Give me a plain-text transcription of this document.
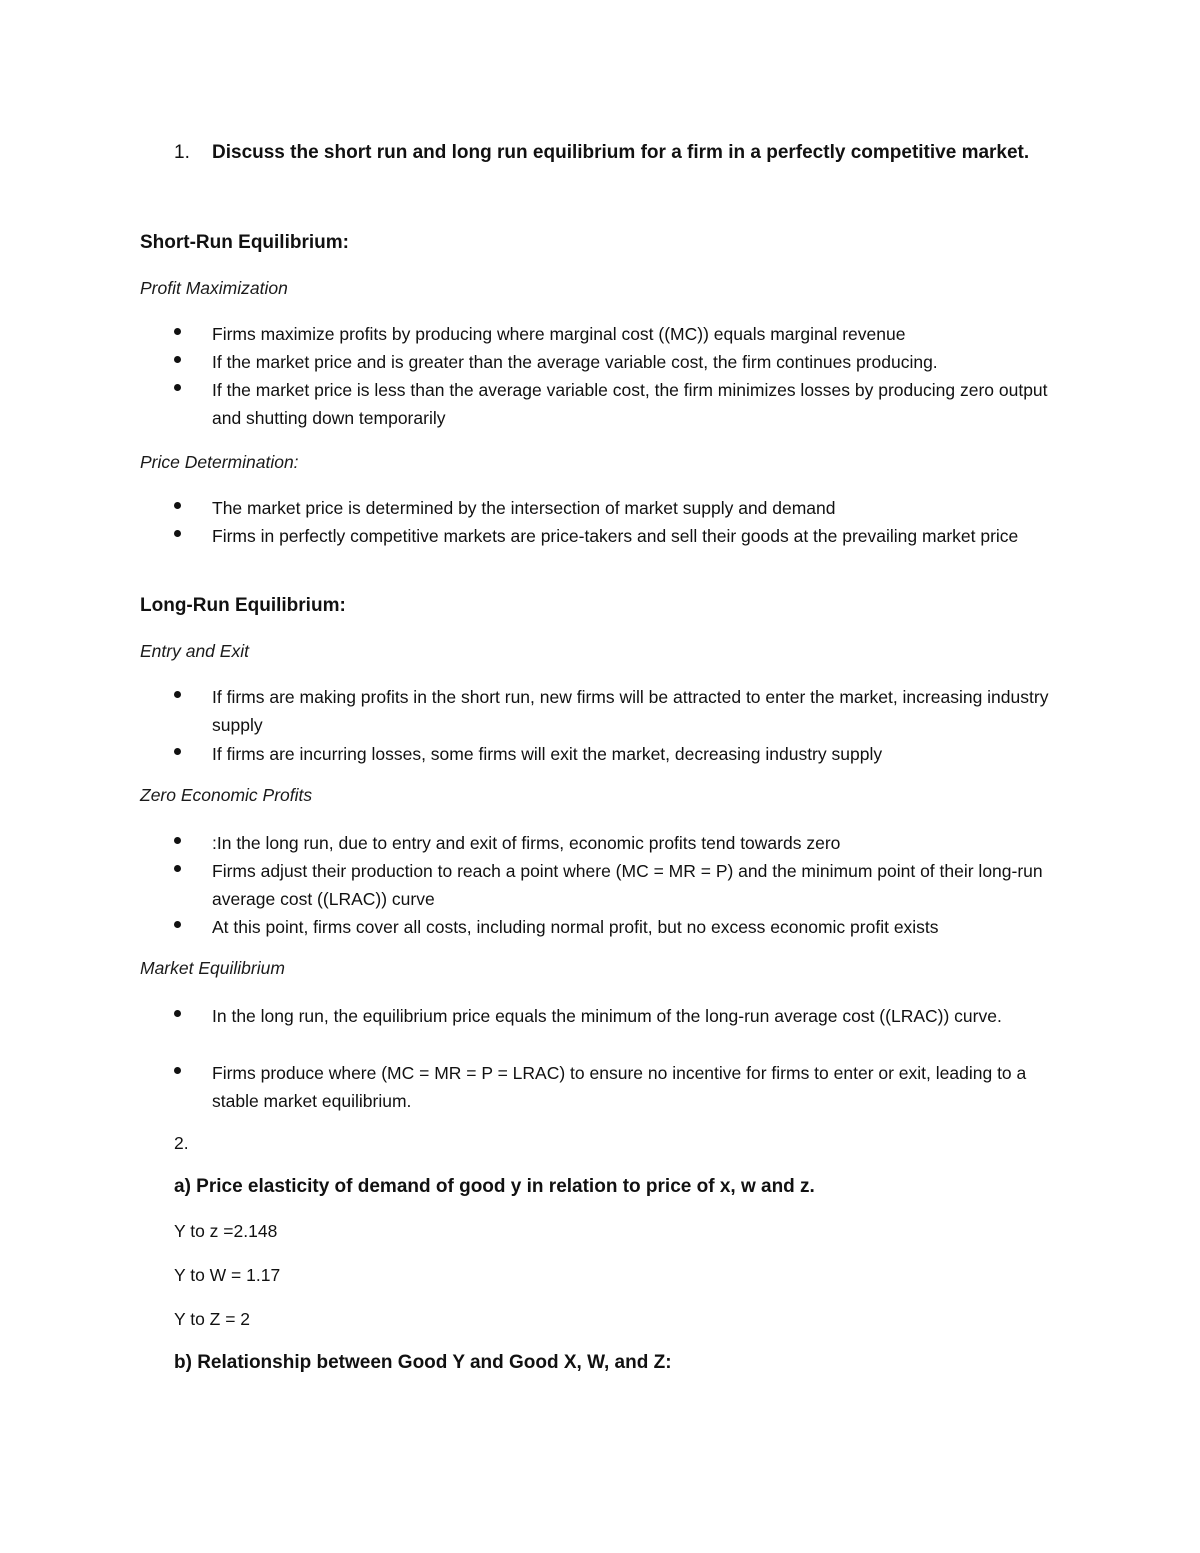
1. Discuss the short run and long run equilibrium for a firm in a perfectly competitive market.
Short-Run Equilibrium:
Profit Maximization
Firms maximize profits by producing where marginal cost ((MC)) equals marginal revenue
If the market price and is greater than the average variable cost, the firm continues producing.
If the market price is less than the average variable cost, the firm minimizes losses by producing zero output and shutting down temporarily
Price Determination:
The market price is determined by the intersection of market supply and demand
Firms in perfectly competitive markets are price-takers and sell their goods at the prevailing market price
Long-Run Equilibrium:
Entry and Exit
If firms are making profits in the short run, new firms will be attracted to enter the market, increasing industry supply
If firms are incurring losses, some firms will exit the market, decreasing industry supply
Zero Economic Profits
:In the long run, due to entry and exit of firms, economic profits tend towards zero
Firms adjust their production to reach a point where (MC = MR = P) and the minimum point of their long-run average cost ((LRAC)) curve
At this point, firms cover all costs, including normal profit, but no excess economic profit exists
Market Equilibrium
In the long run, the equilibrium price equals the minimum of the long-run average cost ((LRAC)) curve.
Firms produce where (MC = MR = P = LRAC) to ensure no incentive for firms to enter or exit, leading to a stable market equilibrium.
2.
a) Price elasticity of demand of good y in relation to price of x, w and z.
Y to z =2.148
Y to W = 1.17
Y to Z = 2
b) Relationship between Good Y and Good X, W, and Z:
